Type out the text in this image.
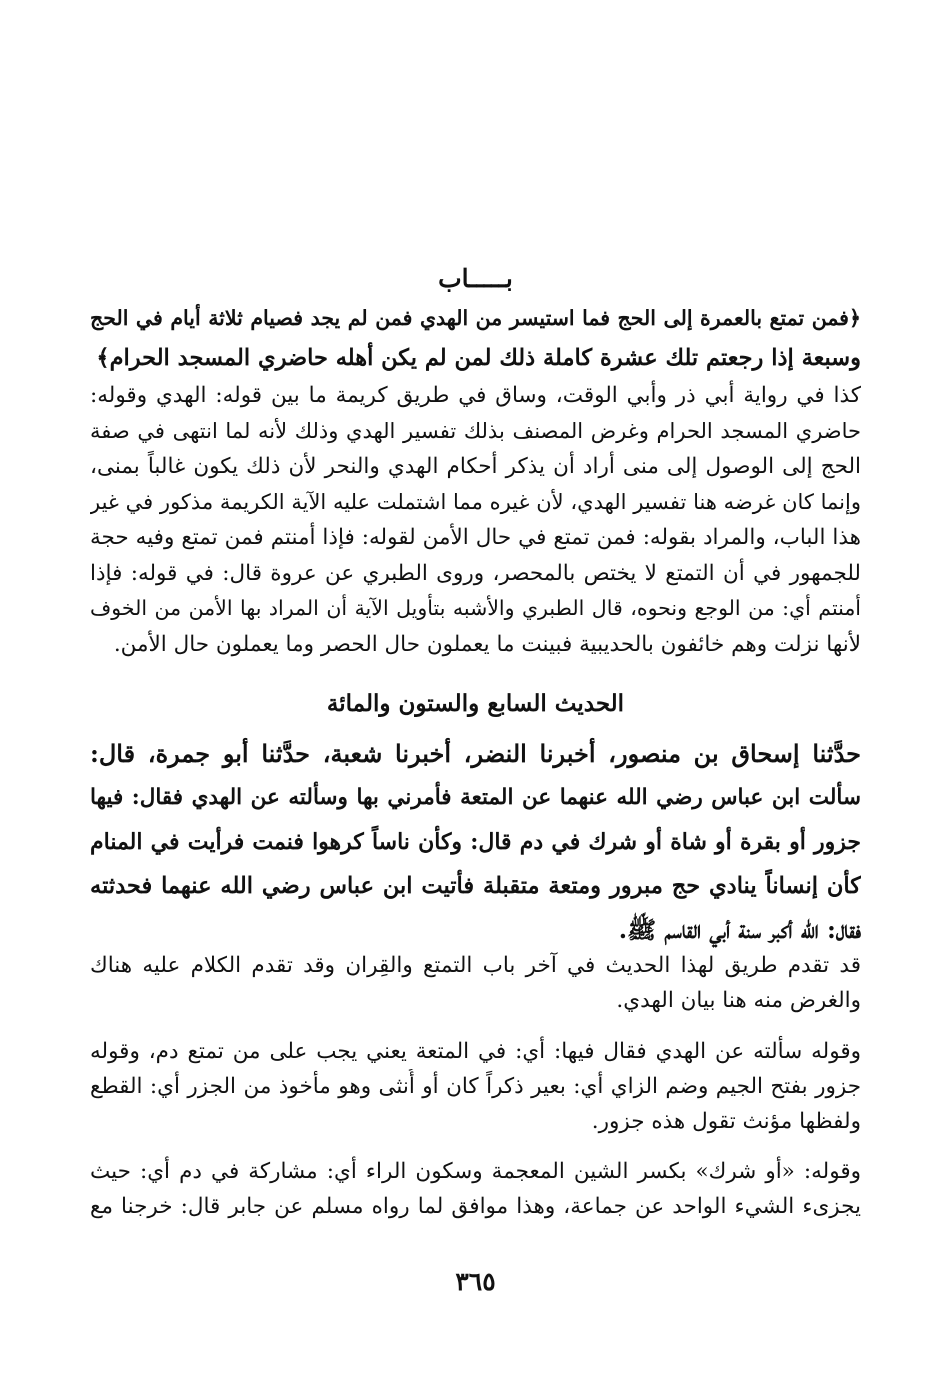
بـــــاب
﴿فمن تمتع بالعمرة إلى الحج فما استيسر من الهدي فمن لم يجد فصيام ثلاثة أيام في الحج
وسبعة إذا رجعتم تلك عشرة كاملة ذلك لمن لم يكن أهله حاضري المسجد الحرام﴾
كذا في رواية أبي ذر وأبي الوقت، وساق في طريق كريمة ما بين قوله: الهدي وقوله:
حاضري المسجد الحرام وغرض المصنف بذلك تفسير الهدي وذلك لأنه لما انتهى في صفة
الحج إلى الوصول إلى منى أراد أن يذكر أحكام الهدي والنحر لأن ذلك يكون غالباً بمنى،
وإنما كان غرضه هنا تفسير الهدي، لأن غيره مما اشتملت عليه الآية الكريمة مذكور في غير
هذا الباب، والمراد بقوله: فمن تمتع في حال الأمن لقوله: فإذا أمنتم فمن تمتع وفيه حجة
للجمهور في أن التمتع لا يختص بالمحصر، وروى الطبري عن عروة قال: في قوله: فإذا
أمنتم أي: من الوجع ونحوه، قال الطبري والأشبه بتأويل الآية أن المراد بها الأمن من الخوف
لأنها نزلت وهم خائفون بالحديبية فبينت ما يعملون حال الحصر وما يعملون حال الأمن.
الحديث السابع والستون والمائة
حدَّثنا إسحاق بن منصور، أخبرنا النضر، أخبرنا شعبة، حدَّثنا أبو جمرة، قال:
سألت ابن عباس رضي الله عنهما عن المتعة فأمرني بها وسألته عن الهدي فقال: فيها
جزور أو بقرة أو شاة أو شرك في دم قال: وكأن ناساً كرهوا فنمت فرأيت في المنام
كأن إنساناً ينادي حج مبرور ومتعة متقبلة فأتيت ابن عباس رضي الله عنهما فحدثته
فقال: الله أكبر سنة أبي القاسم ﷺ.
قد تقدم طريق لهذا الحديث في آخر باب التمتع والقِران وقد تقدم الكلام عليه هناك
والغرض منه هنا بيان الهدي.
وقوله سألته عن الهدي فقال فيها: أي: في المتعة يعني يجب على من تمتع دم، وقوله
جزور بفتح الجيم وضم الزاي أي: بعير ذكراً كان أو أُنثى وهو مأخوذ من الجزر أي: القطع
ولفظها مؤنث تقول هذه جزور.
وقوله: «أو شرك» بكسر الشين المعجمة وسكون الراء أي: مشاركة في دم أي: حيث
يجزىء الشيء الواحد عن جماعة، وهذا موافق لما رواه مسلم عن جابر قال: خرجنا مع
٣٦٥
